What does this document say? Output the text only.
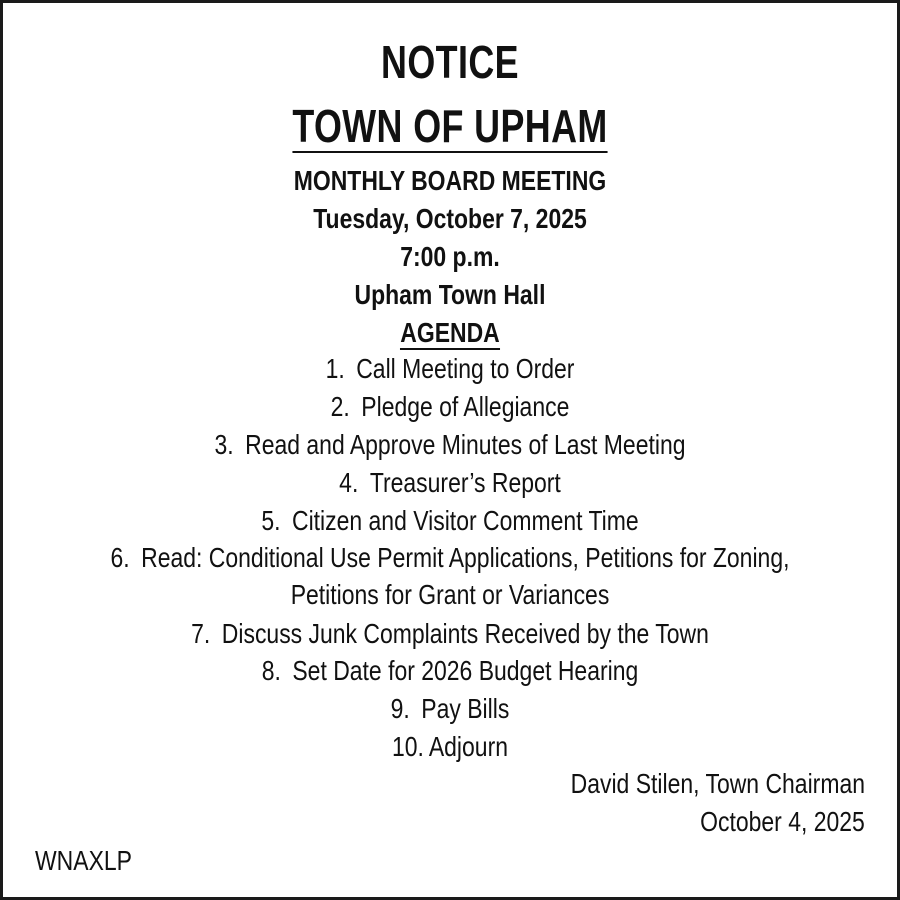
NOTICE
TOWN OF UPHAM
MONTHLY BOARD MEETING
Tuesday, October 7, 2025
7:00 p.m.
Upham Town Hall
AGENDA
1. Call Meeting to Order
2. Pledge of Allegiance
3. Read and Approve Minutes of Last Meeting
4. Treasurer’s Report
5. Citizen and Visitor Comment Time
6. Read: Conditional Use Permit Applications, Petitions for Zoning,
Petitions for Grant or Variances
7. Discuss Junk Complaints Received by the Town
8. Set Date for 2026 Budget Hearing
9. Pay Bills
10. Adjourn
David Stilen, Town Chairman
October 4, 2025
WNAXLP
